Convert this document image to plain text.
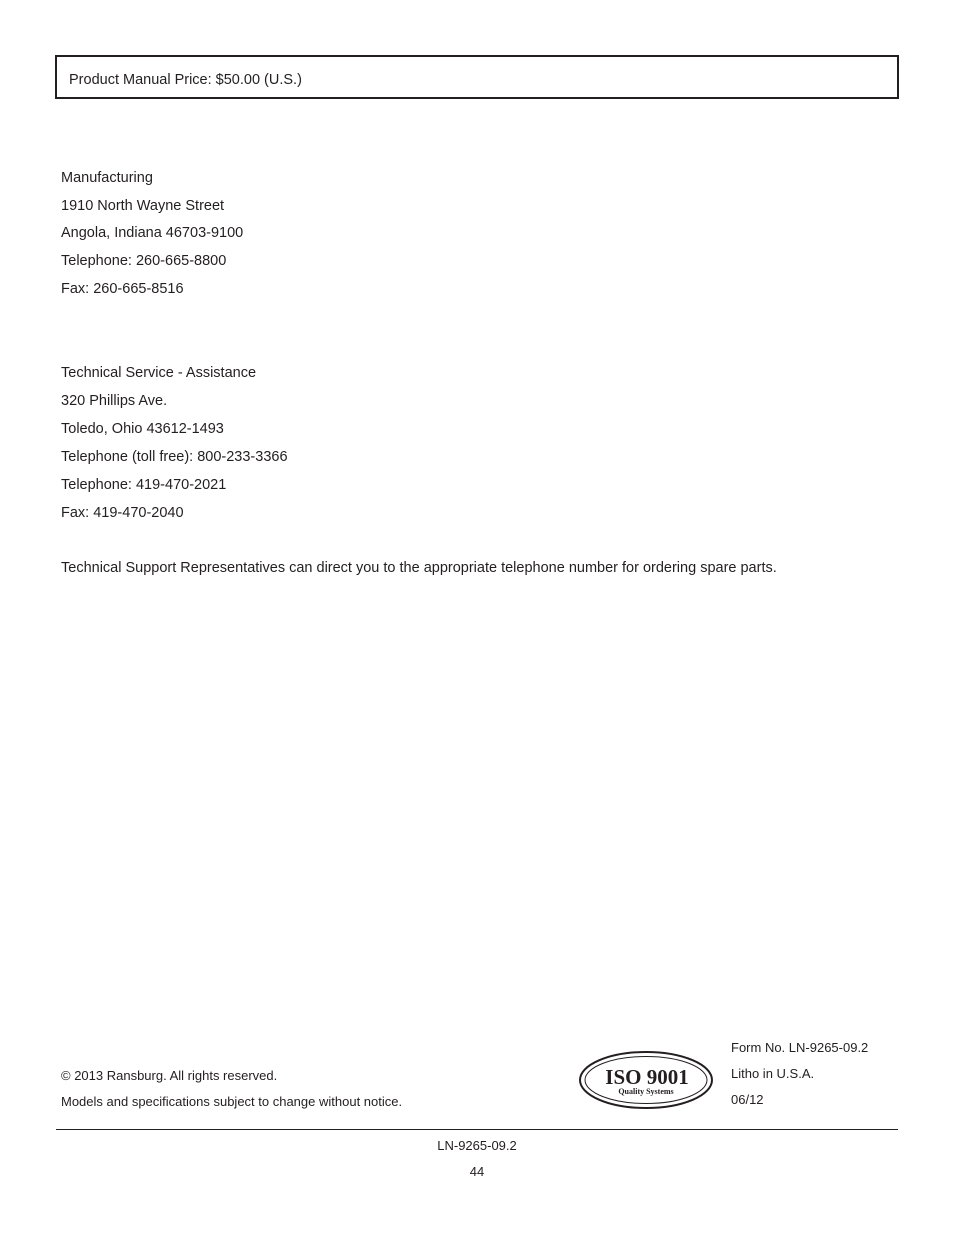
Product Manual Price: $50.00 (U.S.)
Manufacturing
1910 North Wayne Street
Angola, Indiana 46703-9100
Telephone: 260-665-8800
Fax: 260-665-8516
Technical Service - Assistance
320 Phillips Ave.
Toledo, Ohio 43612-1493
Telephone (toll free): 800-233-3366
Telephone: 419-470-2021
Fax: 419-470-2040
Technical Support Representatives can direct you to the appropriate telephone number for ordering spare parts.
© 2013 Ransburg. All rights reserved.
Models and specifications subject to change without notice.
ISO 9001
Quality Systems
Form No. LN-9265-09.2
Litho in U.S.A.
06/12
LN-9265-09.2
44
